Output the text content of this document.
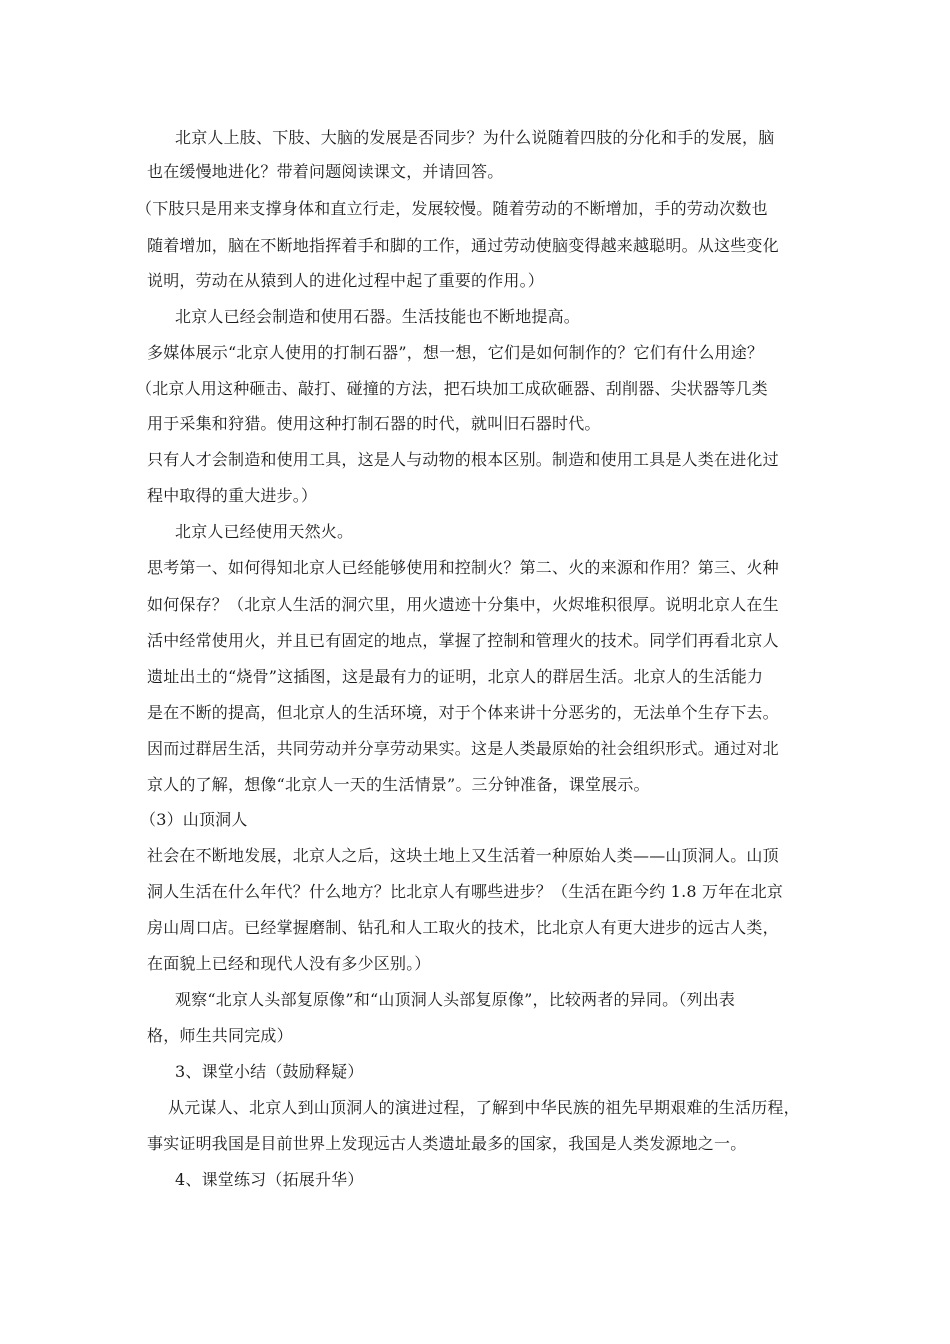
北京人上肢、下肢、大脑的发展是否同步？为什么说随着四肢的分化和手的发展，脑
也在缓慢地进化？带着问题阅读课文，并请回答。
（下肢只是用来支撑身体和直立行走，发展较慢。随着劳动的不断增加，手的劳动次数也
随着增加，脑在不断地指挥着手和脚的工作，通过劳动使脑变得越来越聪明。从这些变化
说明，劳动在从猿到人的进化过程中起了重要的作用。）
北京人已经会制造和使用石器。生活技能也不断地提高。
多媒体展示“北京人使用的打制石器”，想一想，它们是如何制作的？它们有什么用途？
（北京人用这种砸击、敲打、碰撞的方法，把石块加工成砍砸器、刮削器、尖状器等几类
用于采集和狩猎。使用这种打制石器的时代，就叫旧石器时代。
只有人才会制造和使用工具，这是人与动物的根本区别。制造和使用工具是人类在进化过
程中取得的重大进步。）
北京人已经使用天然火。
思考第一、如何得知北京人已经能够使用和控制火？第二、火的来源和作用？第三、火种
如何保存？（北京人生活的洞穴里，用火遗迹十分集中，火烬堆积很厚。说明北京人在生
活中经常使用火，并且已有固定的地点，掌握了控制和管理火的技术。同学们再看北京人
遗址出土的“烧骨”这插图，这是最有力的证明，北京人的群居生活。北京人的生活能力
是在不断的提高，但北京人的生活环境，对于个体来讲十分恶劣的，无法单个生存下去。
因而过群居生活，共同劳动并分享劳动果实。这是人类最原始的社会组织形式。通过对北
京人的了解，想像“北京人一天的生活情景”。三分钟准备，课堂展示。
（3）山顶洞人
社会在不断地发展，北京人之后，这块土地上又生活着一种原始人类——山顶洞人。山顶
洞人生活在什么年代？什么地方？比北京人有哪些进步？（生活在距今约 1.8 万年在北京
房山周口店。已经掌握磨制、钻孔和人工取火的技术，比北京人有更大进步的远古人类，
在面貌上已经和现代人没有多少区别。）
观察“北京人头部复原像”和“山顶洞人头部复原像”，比较两者的异同。（列出表
格，师生共同完成）
3、课堂小结（鼓励释疑）
从元谋人、北京人到山顶洞人的演进过程，了解到中华民族的祖先早期艰难的生活历程，
事实证明我国是目前世界上发现远古人类遗址最多的国家，我国是人类发源地之一。
4、课堂练习（拓展升华）
